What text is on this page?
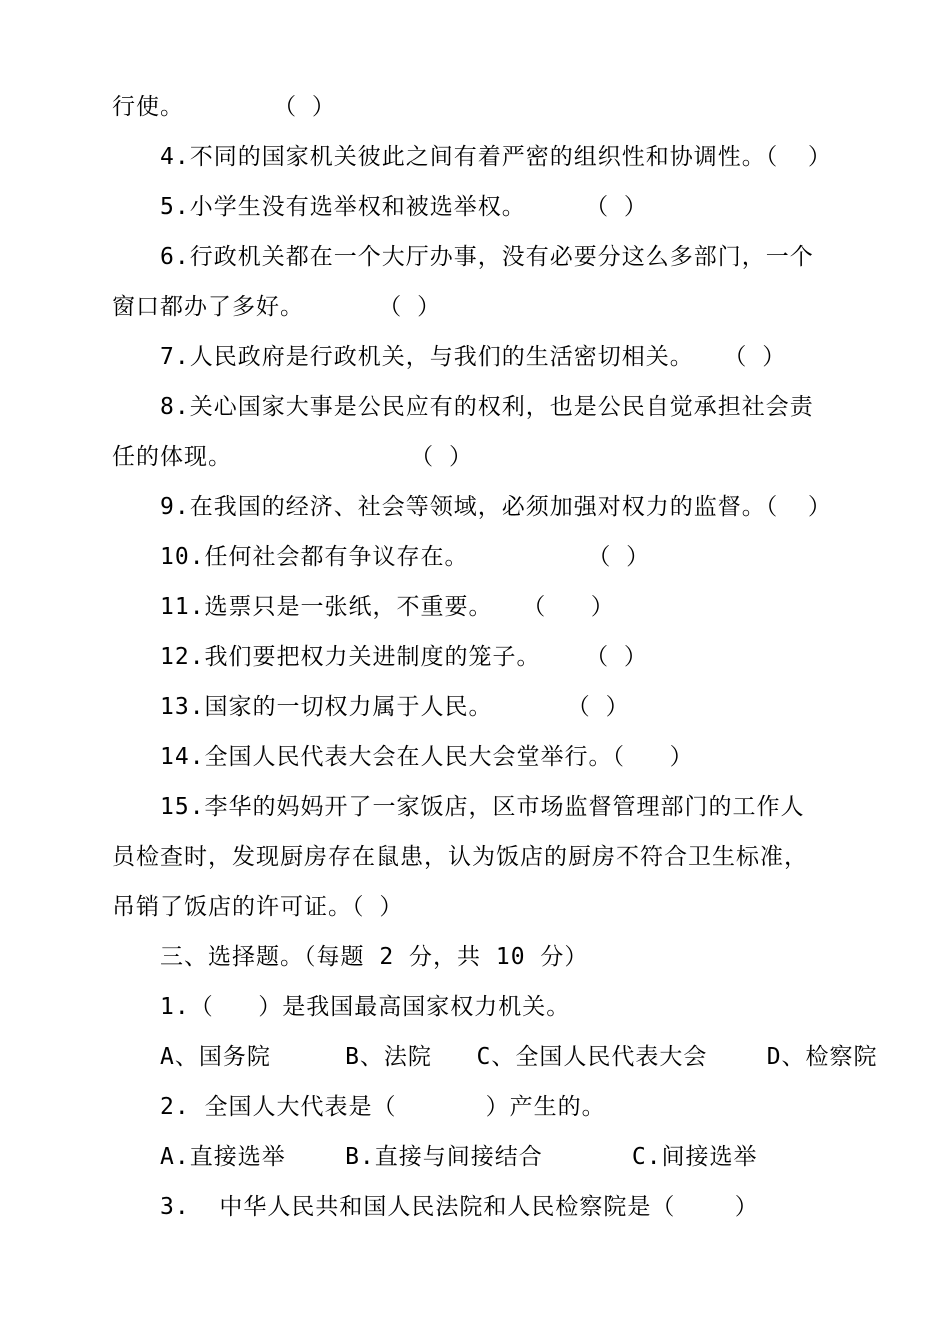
行使。      （ ）
4.不同的国家机关彼此之间有着严密的组织性和协调性。（  ）
5.小学生没有选举权和被选举权。    （ ）
6.行政机关都在一个大厅办事，没有必要分这么多部门，一个
窗口都办了多好。     （ ）
7.人民政府是行政机关，与我们的生活密切相关。  （ ）
8.关心国家大事是公民应有的权利，也是公民自觉承担社会责
任的体现。            （ ）
9.在我国的经济、社会等领域，必须加强对权力的监督。（  ）
10.任何社会都有争议存在。        （ ）
11.选票只是一张纸，不重要。  （   ）
12.我们要把权力关进制度的笼子。   （ ）
13.国家的一切权力属于人民。     （ ）
14.全国人民代表大会在人民大会堂举行。（   ）
15.李华的妈妈开了一家饭店，区市场监督管理部门的工作人
员检查时，发现厨房存在鼠患，认为饭店的厨房不符合卫生标准，
吊销了饭店的许可证。（ ）
三、选择题。（每题 2 分，共 10 分）
1.（   ）是我国最高国家权力机关。
A、国务院     B、法院   C、全国人民代表大会    D、检察院
2. 全国人大代表是（      ）产生的。
A.直接选举    B.直接与间接结合      C.间接选举
3.  中华人民共和国人民法院和人民检察院是（    ）
